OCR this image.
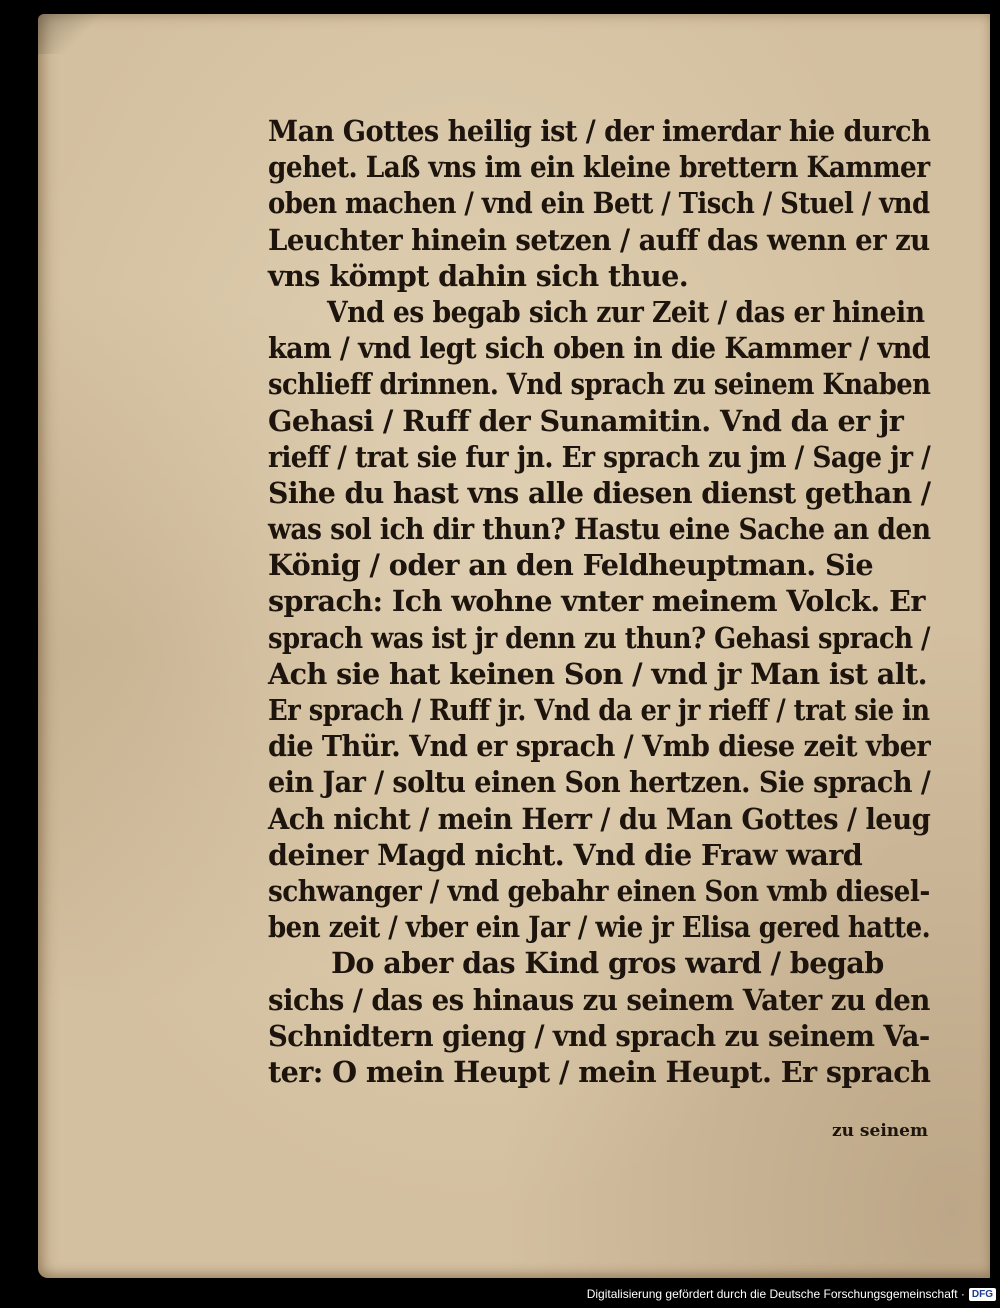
Man Gottes heilig ist / der imerdar hie durch
gehet. Laß vns im ein kleine brettern Kammer
oben machen / vnd ein Bett / Tisch / Stuel / vnd
Leuchter hinein setzen / auff das wenn er zu
vns kömpt dahin sich thue.
Vnd es begab sich zur Zeit / das er hinein
kam / vnd legt sich oben in die Kammer / vnd
schlieff drinnen. Vnd sprach zu seinem Knaben
Gehasi / Ruff der Sunamitin. Vnd da er jr
rieff / trat sie fur jn. Er sprach zu jm / Sage jr /
Sihe du hast vns alle diesen dienst gethan /
was sol ich dir thun? Hastu eine Sache an den
König / oder an den Feldheuptman. Sie
sprach: Ich wohne vnter meinem Volck. Er
sprach was ist jr denn zu thun? Gehasi sprach /
Ach sie hat keinen Son / vnd jr Man ist alt.
Er sprach / Ruff jr. Vnd da er jr rieff / trat sie in
die Thür. Vnd er sprach / Vmb diese zeit vber
ein Jar / soltu einen Son hertzen. Sie sprach /
Ach nicht / mein Herr / du Man Gottes / leug
deiner Magd nicht. Vnd die Fraw ward
schwanger / vnd gebahr einen Son vmb diesel-
ben zeit / vber ein Jar / wie jr Elisa gered hatte.
Do aber das Kind gros ward / begab
sichs / das es hinaus zu seinem Vater zu den
Schnidtern gieng / vnd sprach zu seinem Va-
ter: O mein Heupt / mein Heupt. Er sprach
zu seinem
Digitalisierung gefördert durch die Deutsche Forschungsgemeinschaft · DFG
